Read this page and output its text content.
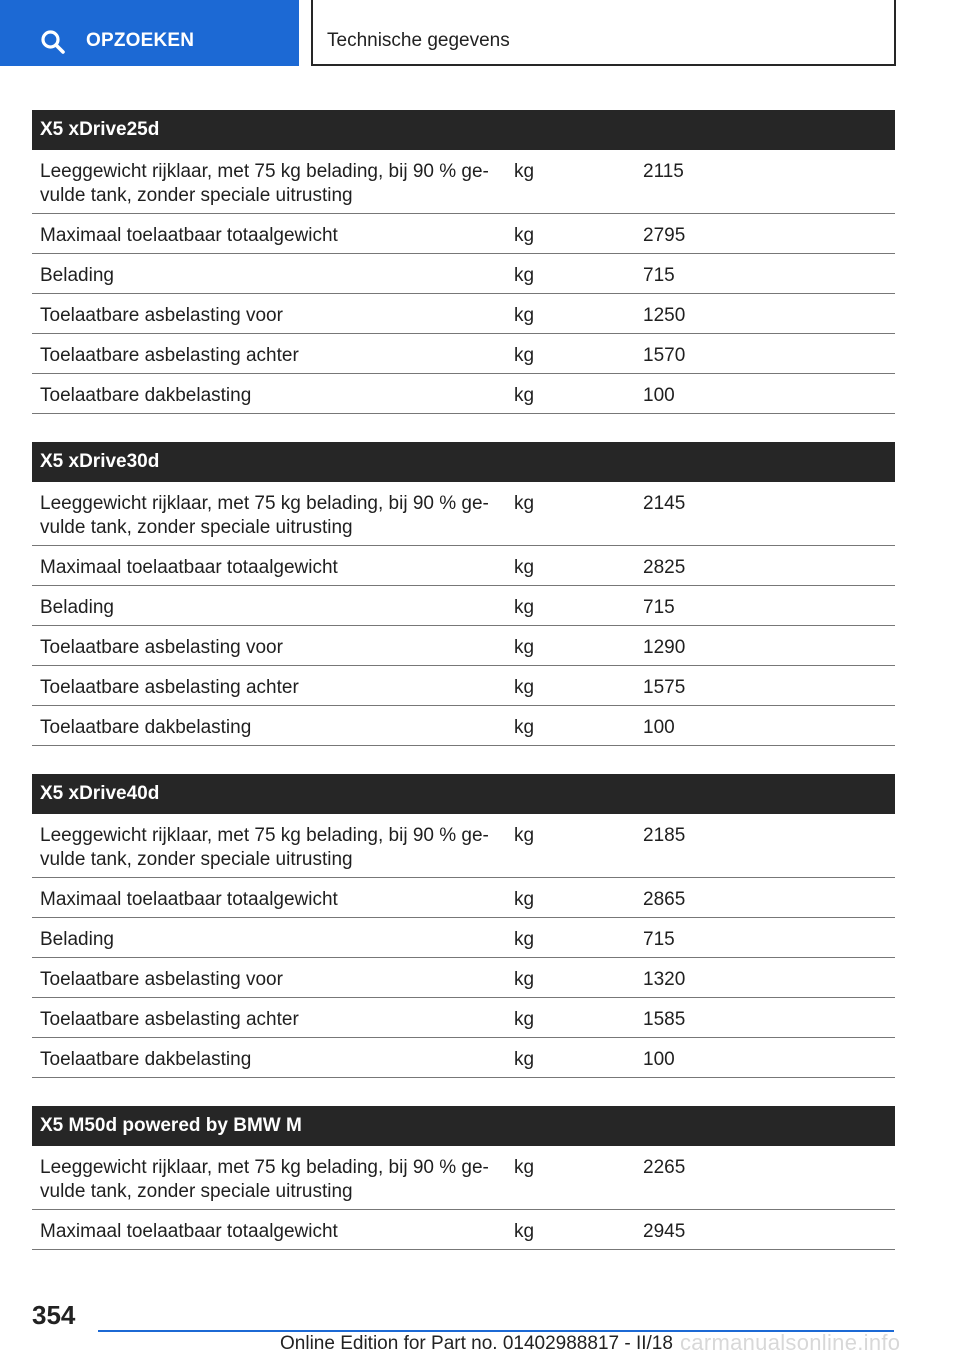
OPZOEKEN	Technische gegevens
X5 xDrive25d
Leeggewicht rijklaar, met 75 kg belading, bij 90 % ge-
vulde tank, zonder speciale uitrusting
kg	2115
Maximaal toelaatbaar totaalgewicht	kg	2795
Belading	kg	715
Toelaatbare asbelasting voor	kg	1250
Toelaatbare asbelasting achter	kg	1570
Toelaatbare dakbelasting	kg	100
X5 xDrive30d
Leeggewicht rijklaar, met 75 kg belading, bij 90 % ge-
vulde tank, zonder speciale uitrusting
kg	2145
Maximaal toelaatbaar totaalgewicht	kg	2825
Belading	kg	715
Toelaatbare asbelasting voor	kg	1290
Toelaatbare asbelasting achter	kg	1575
Toelaatbare dakbelasting	kg	100
X5 xDrive40d
Leeggewicht rijklaar, met 75 kg belading, bij 90 % ge-
vulde tank, zonder speciale uitrusting
kg	2185
Maximaal toelaatbaar totaalgewicht	kg	2865
Belading	kg	715
Toelaatbare asbelasting voor	kg	1320
Toelaatbare asbelasting achter	kg	1585
Toelaatbare dakbelasting	kg	100
X5 M50d powered by BMW M
Leeggewicht rijklaar, met 75 kg belading, bij 90 % ge-
vulde tank, zonder speciale uitrusting
kg	2265
Maximaal toelaatbaar totaalgewicht	kg	2945
354
Online Edition for Part no. 01402988817 - II/18 carmanualsonline.info
